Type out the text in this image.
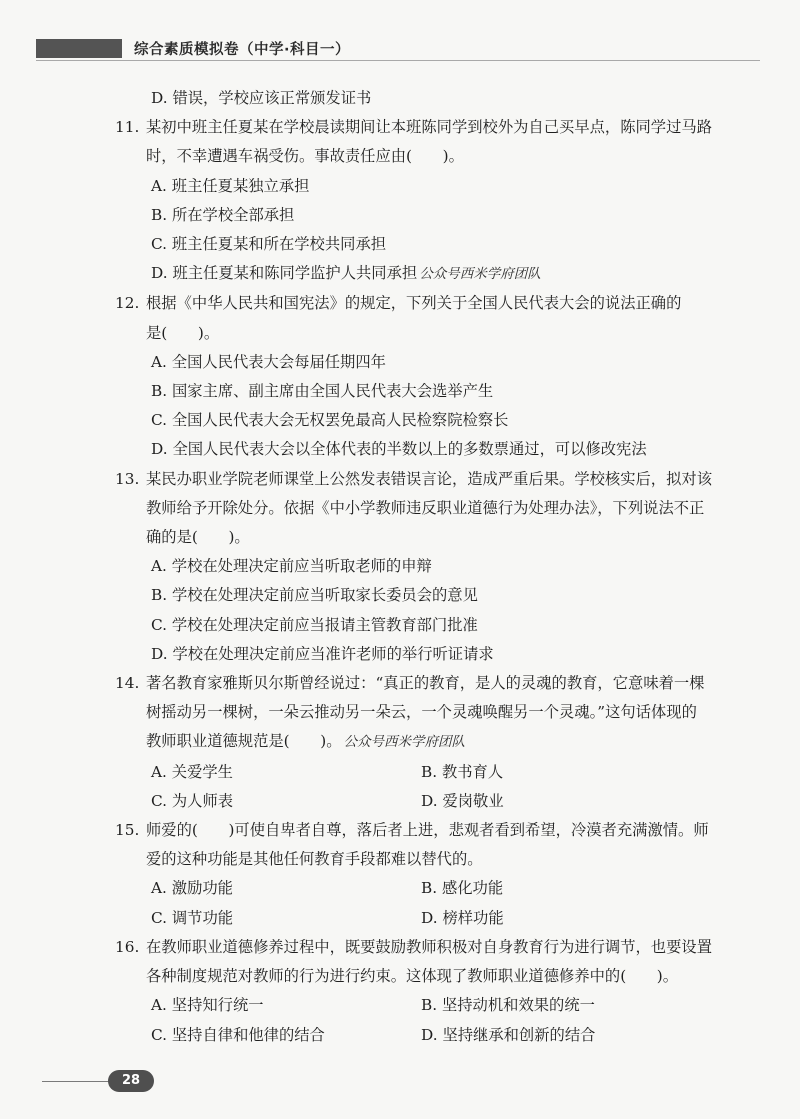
综合素质模拟卷（中学·科目一）
D. 错误，学校应该正常颁发证书
11. 某初中班主任夏某在学校晨读期间让本班陈同学到校外为自己买早点，陈同学过马路
时，不幸遭遇车祸受伤。事故责任应由(　　)。
A. 班主任夏某独立承担
B. 所在学校全部承担
C. 班主任夏某和所在学校共同承担
D. 班主任夏某和陈同学监护人共同承担 公众号西米学府团队
12. 根据《中华人民共和国宪法》的规定，下列关于全国人民代表大会的说法正确的
是(　　)。
A. 全国人民代表大会每届任期四年
B. 国家主席、副主席由全国人民代表大会选举产生
C. 全国人民代表大会无权罢免最高人民检察院检察长
D. 全国人民代表大会以全体代表的半数以上的多数票通过，可以修改宪法
13. 某民办职业学院老师课堂上公然发表错误言论，造成严重后果。学校核实后，拟对该
教师给予开除处分。依据《中小学教师违反职业道德行为处理办法》，下列说法不正
确的是(　　)。
A. 学校在处理决定前应当听取老师的申辩
B. 学校在处理决定前应当听取家长委员会的意见
C. 学校在处理决定前应当报请主管教育部门批准
D. 学校在处理决定前应当准许老师的举行听证请求
14. 著名教育家雅斯贝尔斯曾经说过：“真正的教育，是人的灵魂的教育，它意味着一棵
树摇动另一棵树，一朵云推动另一朵云，一个灵魂唤醒另一个灵魂。”这句话体现的
教师职业道德规范是(　　)。 公众号西米学府团队
A. 关爱学生	B. 教书育人
C. 为人师表	D. 爱岗敬业
15. 师爱的(　　)可使自卑者自尊，落后者上进，悲观者看到希望，冷漠者充满激情。师
爱的这种功能是其他任何教育手段都难以替代的。
A. 激励功能	B. 感化功能
C. 调节功能	D. 榜样功能
16. 在教师职业道德修养过程中，既要鼓励教师积极对自身教育行为进行调节，也要设置
各种制度规范对教师的行为进行约束。这体现了教师职业道德修养中的(　　)。
A. 坚持知行统一	B. 坚持动机和效果的统一
C. 坚持自律和他律的结合	D. 坚持继承和创新的结合
28
